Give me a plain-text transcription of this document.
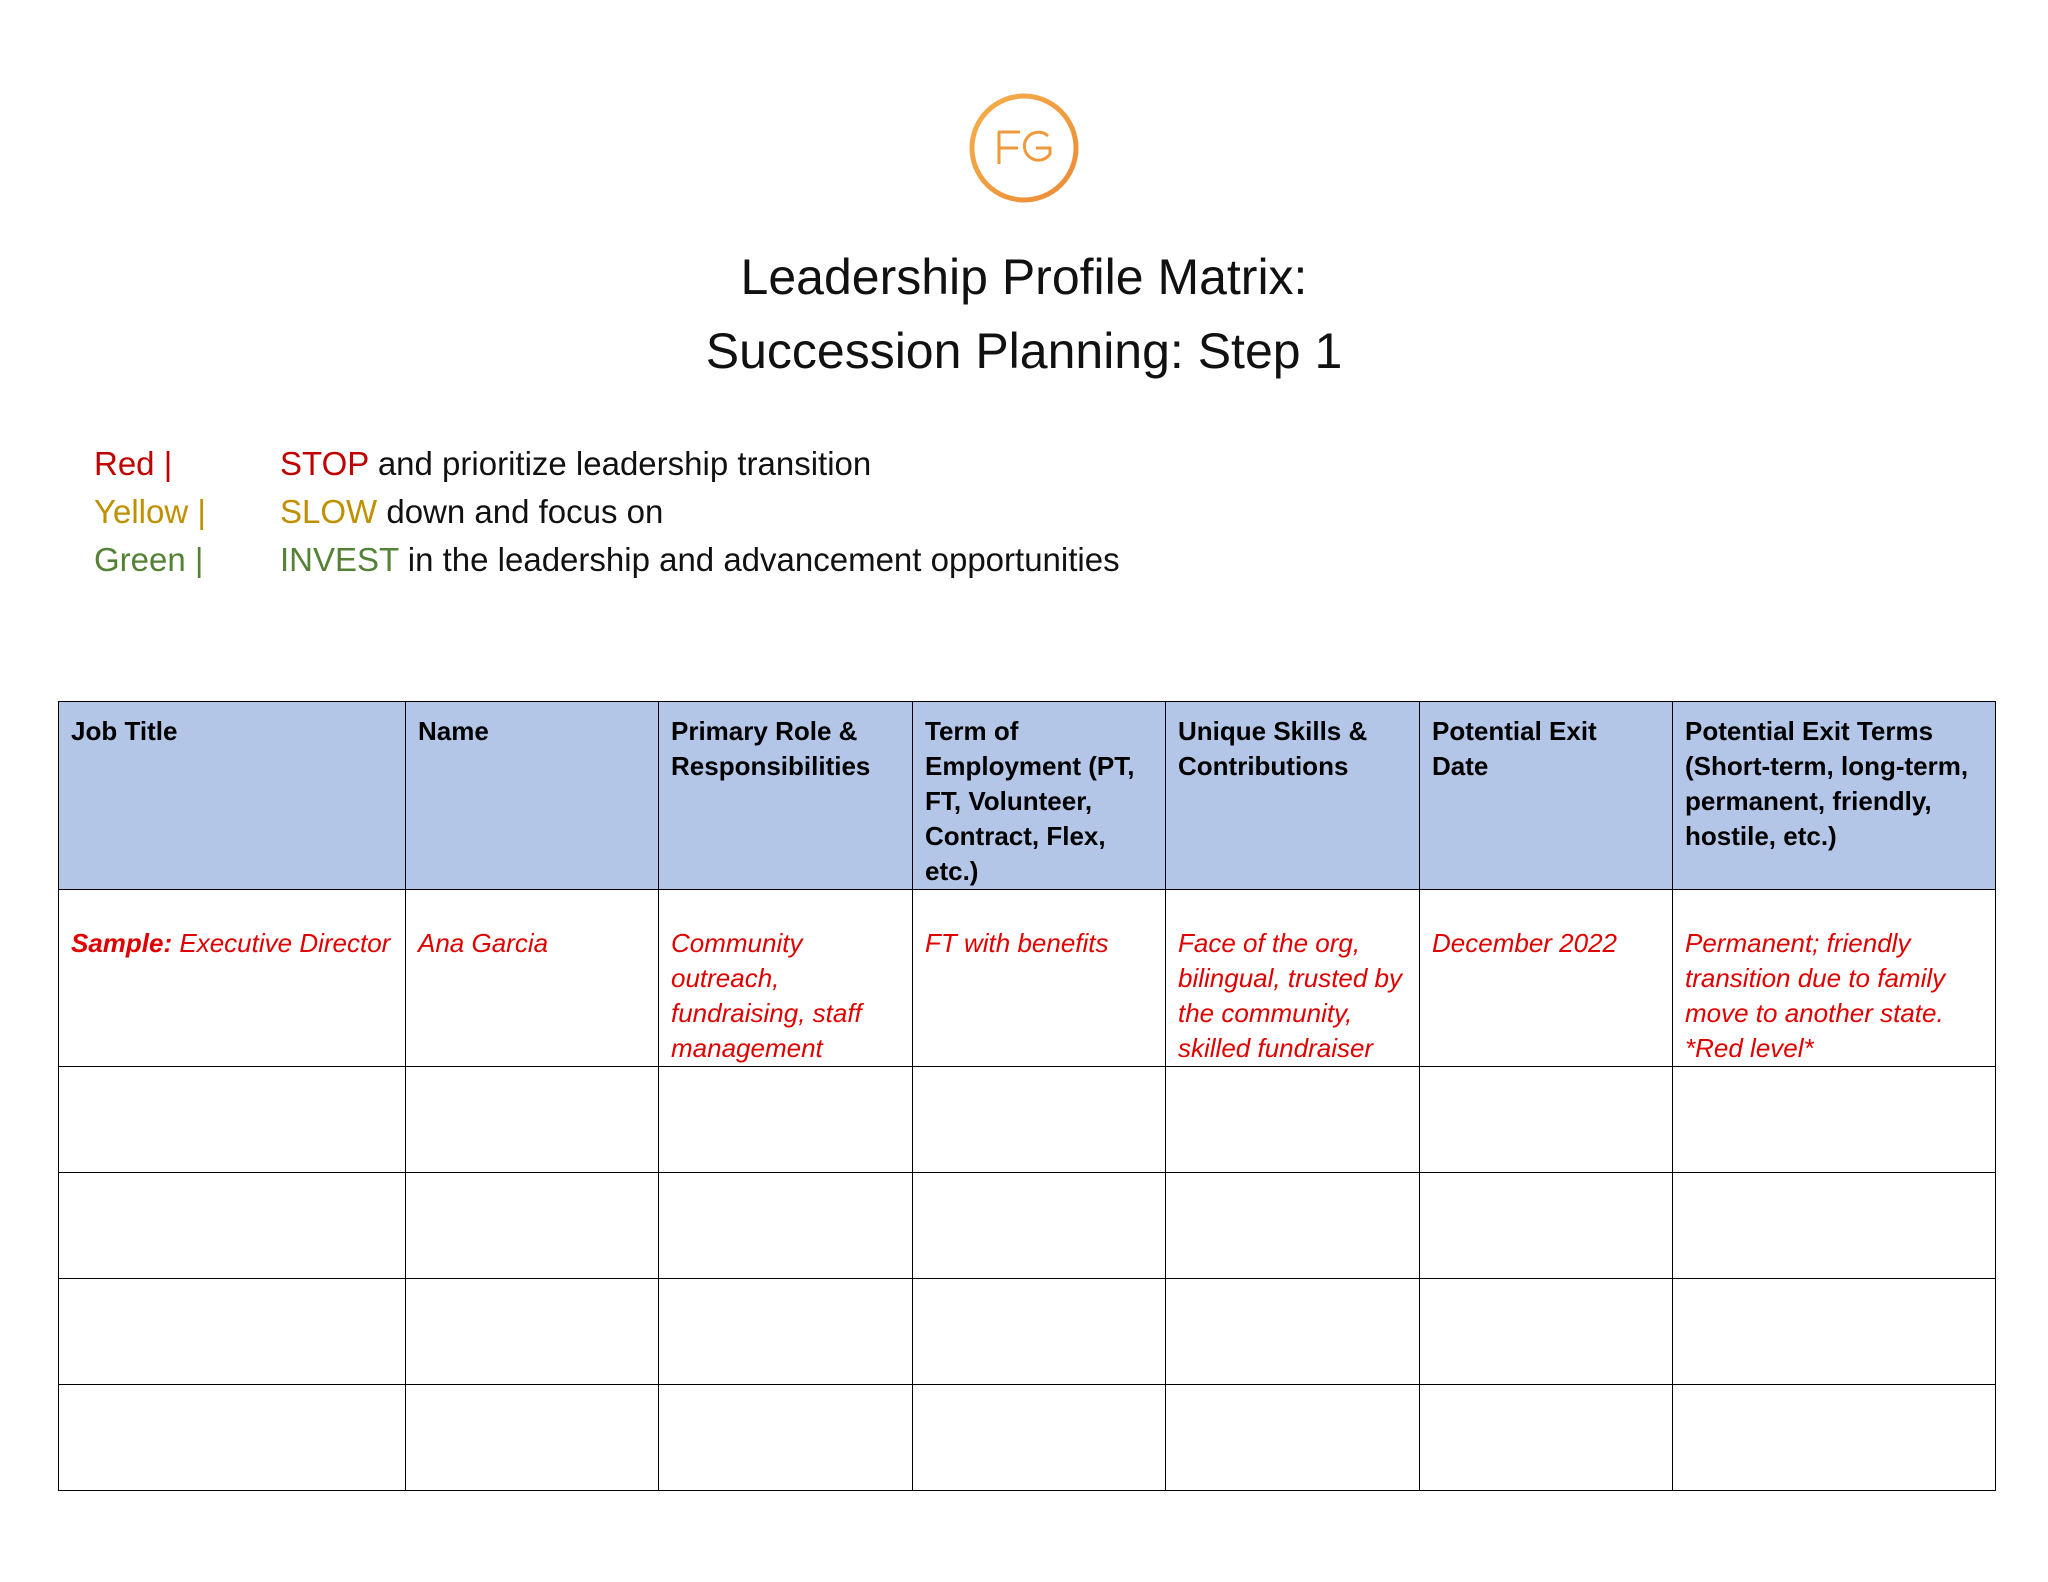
Leadership Profile Matrix:
Succession Planning: Step 1
Red |	STOP and prioritize leadership transition
Yellow |	SLOW down and focus on
Green |	INVEST in the leadership and advancement opportunities
Job Title	Name	Primary Role & Responsibilities	Term of Employment (PT, FT, Volunteer, Contract, Flex, etc.)	Unique Skills & Contributions	Potential Exit Date	Potential Exit Terms (Short-term, long-term, permanent, friendly, hostile, etc.)
Sample: Executive Director	Ana Garcia	Community outreach, fundraising, staff management	FT with benefits	Face of the org, bilingual, trusted by the community, skilled fundraiser	December 2022	Permanent; friendly transition due to family move to another state. *Red level*
